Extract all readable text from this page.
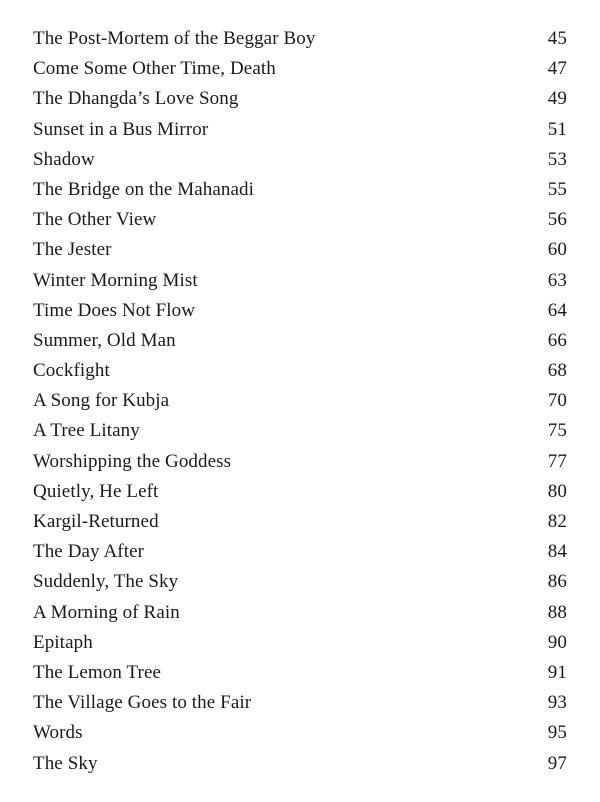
The Post-Mortem of the Beggar Boy	45
Come Some Other Time, Death	47
The Dhangda’s Love Song	49
Sunset in a Bus Mirror	51
Shadow	53
The Bridge on the Mahanadi	55
The Other View	56
The Jester	60
Winter Morning Mist	63
Time Does Not Flow	64
Summer, Old Man	66
Cockfight	68
A Song for Kubja	70
A Tree Litany	75
Worshipping the Goddess	77
Quietly, He Left	80
Kargil-Returned	82
The Day After	84
Suddenly, The Sky	86
A Morning of Rain	88
Epitaph	90
The Lemon Tree	91
The Village Goes to the Fair	93
Words	95
The Sky	97
